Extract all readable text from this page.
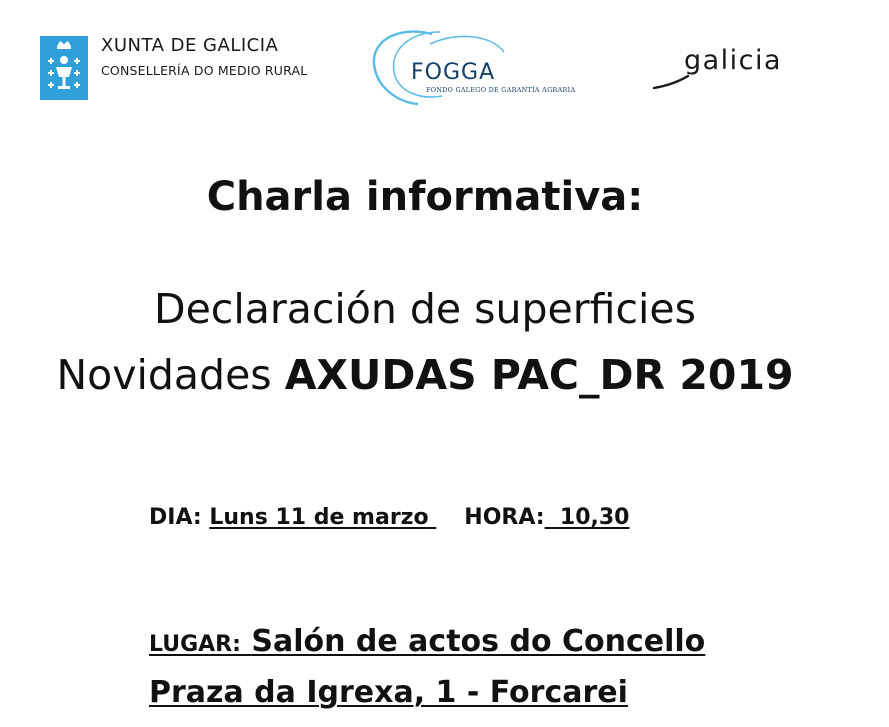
XUNTA DE GALICIA
CONSELLERÍA DO MEDIO RURAL	FOGGA
FONDO GALEGO DE GARANTÍA AGRARIA
galicia
Charla informativa:
Declaración de superficies
Novidades AXUDAS PAC_DR 2019
DIA: Luns 11 de marzo HORA: 10,30
LUGAR: Salón de actos do Concello
Praza da Igrexa, 1 - Forcarei
